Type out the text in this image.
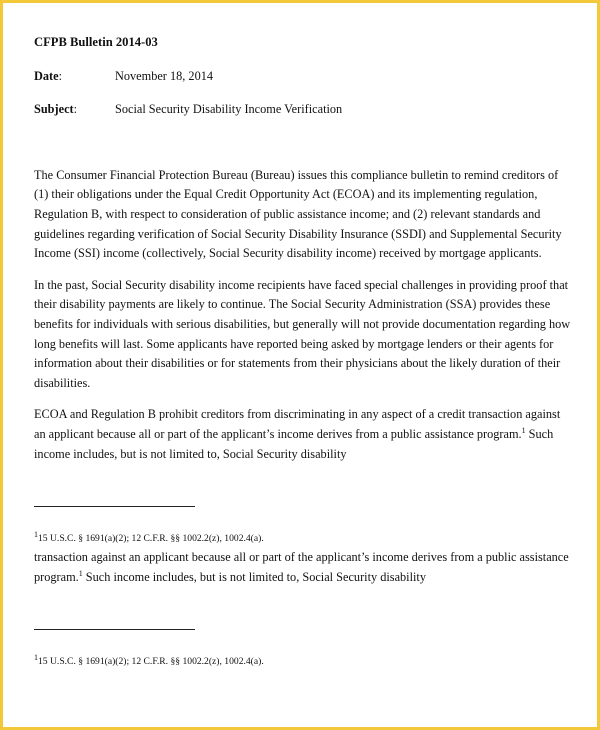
CFPB Bulletin 2014-03

Date:	November 18, 2014
Subject:	Social Security Disability Income Verification

The Consumer Financial Protection Bureau (Bureau) issues this compliance bulletin to remind creditors of (1) their obligations under the Equal Credit Opportunity Act (ECOA) and its implementing regulation, Regulation B, with respect to consideration of public assistance income; and (2) relevant standards and guidelines regarding verification of Social Security Disability Insurance (SSDI) and Supplemental Security Income (SSI) income (collectively, Social Security disability income) received by mortgage applicants.

In the past, Social Security disability income recipients have faced special challenges in providing proof that their disability payments are likely to continue. The Social Security Administration (SSA) provides these benefits for individuals with serious disabilities, but generally will not provide documentation regarding how long benefits will last. Some applicants have reported being asked by mortgage lenders or their agents for information about their disabilities or for statements from their physicians about the likely duration of their disabilities.

ECOA and Regulation B prohibit creditors from discriminating in any aspect of a credit transaction against an applicant because all or part of the applicant’s income derives from a public assistance program.$^1$ Such income includes, but is not limited to, Social Security disability

$^1$15 U.S.C. § 1691(a)(2); 12 C.F.R. §§ 1002.2(z), 1002.4(a).

transaction against an applicant because all or part of the applicant’s income derives from a public assistance program.$^1$ Such income includes, but is not limited to, Social Security disability

$^1$15 U.S.C. § 1691(a)(2); 12 C.F.R. §§ 1002.2(z), 1002.4(a).
